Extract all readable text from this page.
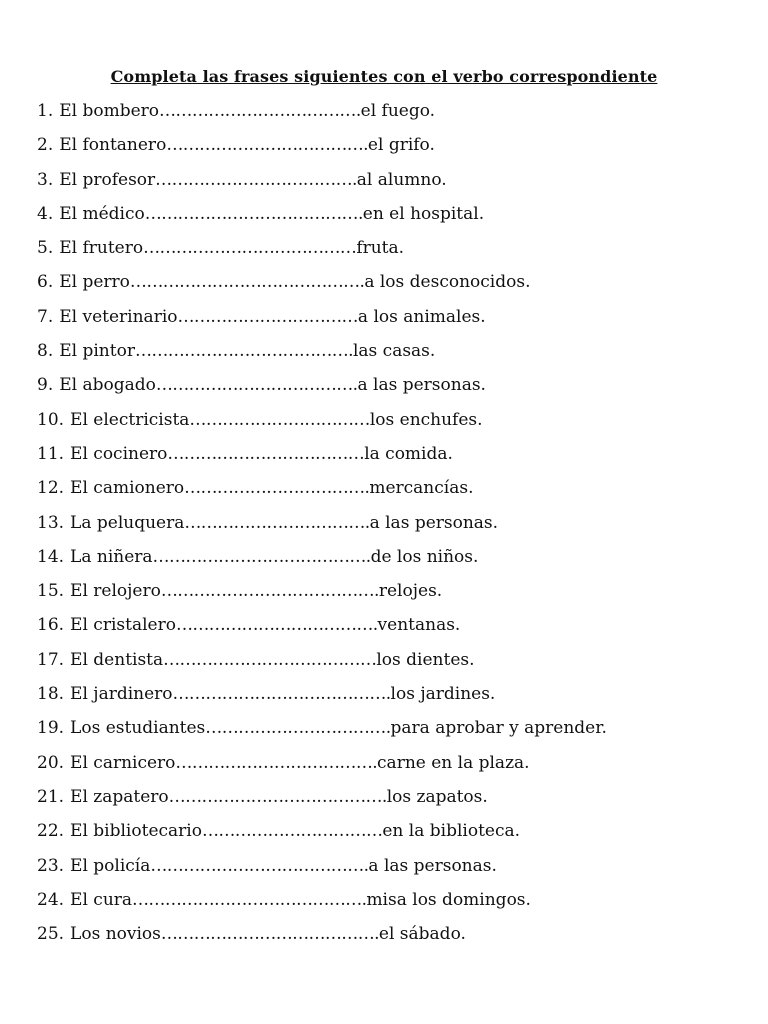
Completa las frases siguientes con el verbo correspondiente
1. El bombero……………………………….el fuego.
2. El fontanero……………………………….el grifo.
3. El profesor……………………………….al alumno.
4. El médico………………………………….en el hospital.
5. El frutero…………………………………fruta.
6. El perro…………………………………….a los desconocidos.
7. El veterinario……………………………a los animales.
8. El pintor………………………………….las casas.
9. El abogado……………………………….a las personas.
10. El electricista……………………………los enchufes.
11. El cocinero………………………………la comida.
12. El camionero…………………………….mercancías.
13. La peluquera…………………………….a las personas.
14. La niñera………………………………….de los niños.
15. El relojero………………………………….relojes.
16. El cristalero……………………………….ventanas.
17. El dentista…………………………………los dientes.
18. El jardinero………………………………….los jardines.
19. Los estudiantes…………………………….para aprobar y aprender.
20. El carnicero……………………………….carne en la plaza.
21. El zapatero………………………………….los zapatos.
22. El bibliotecario……………………………en la biblioteca.
23. El policía………………………………….a las personas.
24. El cura…………………………………….misa los domingos.
25. Los novios………………………………….el sábado.
